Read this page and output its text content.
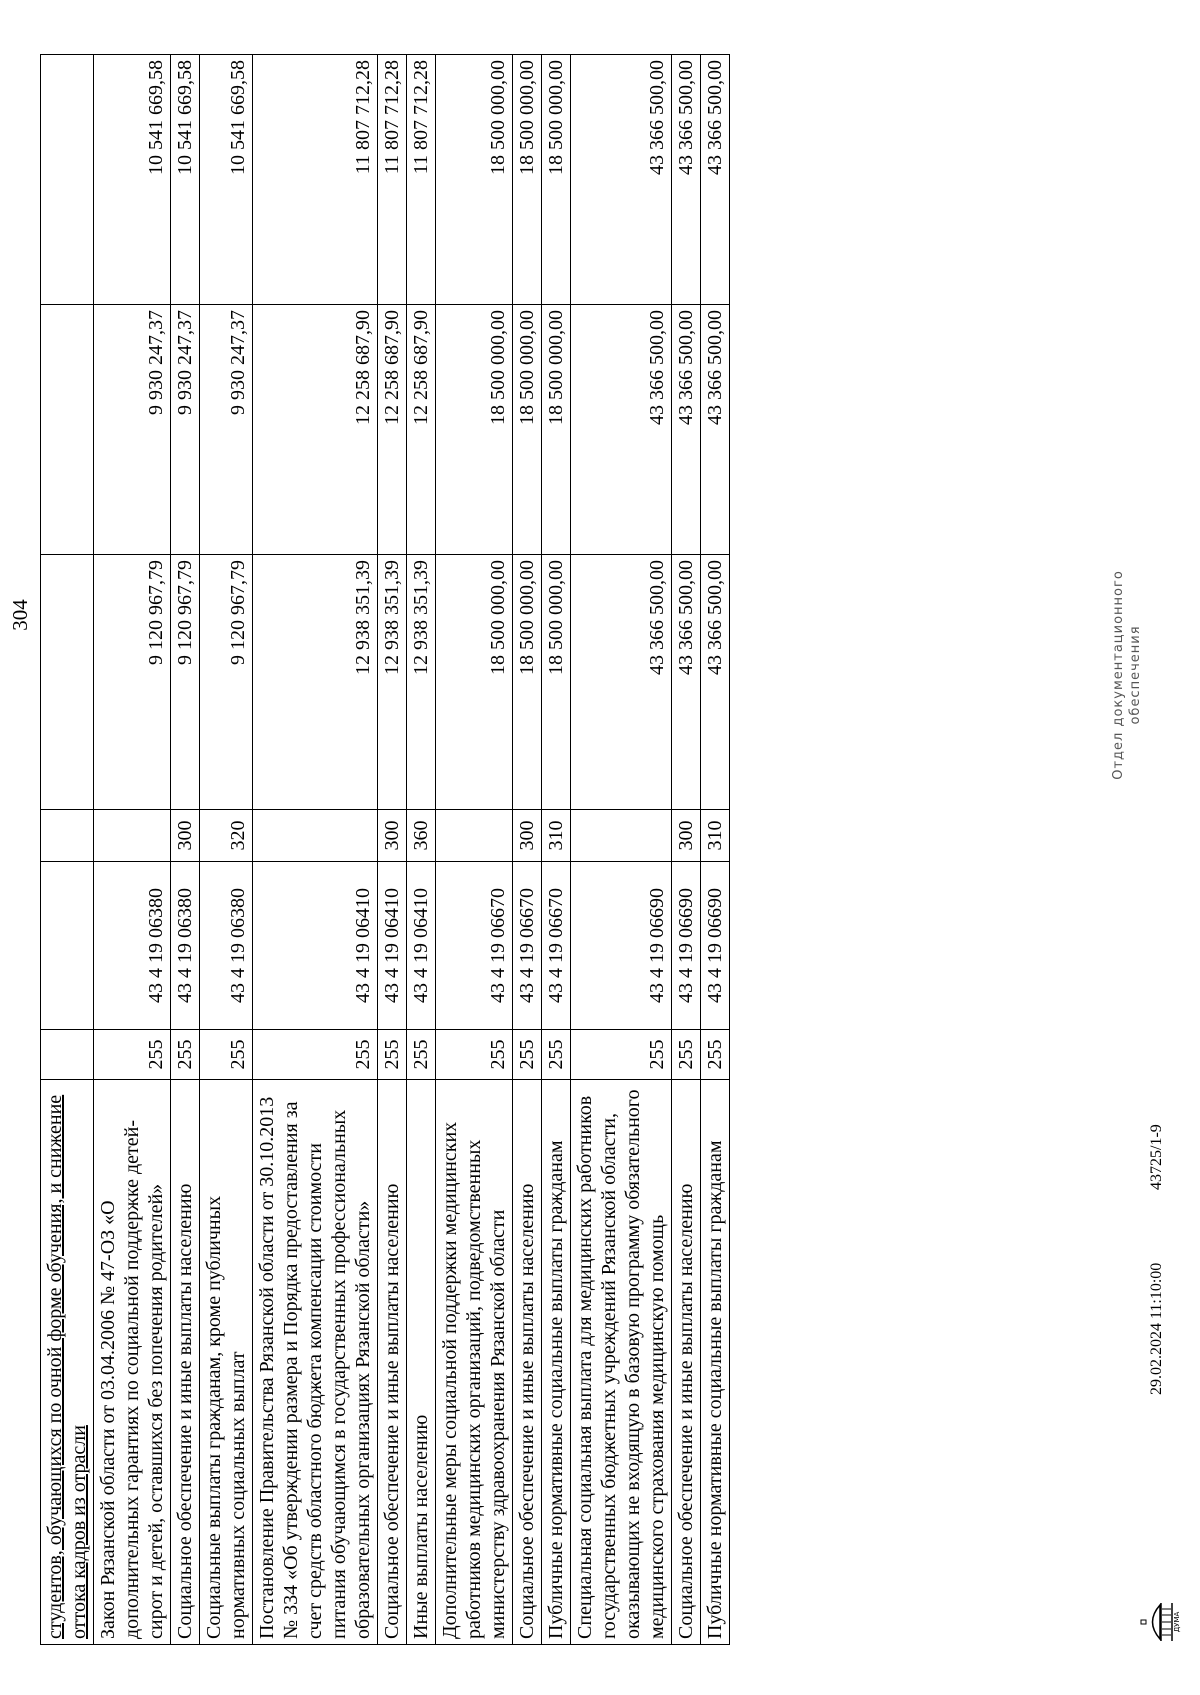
304
студентов, обучающихся по очной форме обучения, и снижение оттока кадров из отрасли						
Закон Рязанской области от 03.04.2006 № 47-ОЗ «О дополнительных гарантиях по социальной поддержке детей-сирот и детей, оставшихся без попечения родителей»	255	43 4 19 06380		9 120 967,79	9 930 247,37	10 541 669,58
Социальное обеспечение и иные выплаты населению	255	43 4 19 06380	300	9 120 967,79	9 930 247,37	10 541 669,58
Социальные выплаты гражданам, кроме публичных нормативных социальных выплат	255	43 4 19 06380	320	9 120 967,79	9 930 247,37	10 541 669,58
Постановление Правительства Рязанской области от 30.10.2013 № 334 «Об утверждении размера и Порядка предоставления за счет средств областного бюджета компенсации стоимости питания обучающимся в государственных профессиональных образовательных организациях Рязанской области»	255	43 4 19 06410		12 938 351,39	12 258 687,90	11 807 712,28
Социальное обеспечение и иные выплаты населению	255	43 4 19 06410	300	12 938 351,39	12 258 687,90	11 807 712,28
Иные выплаты населению	255	43 4 19 06410	360	12 938 351,39	12 258 687,90	11 807 712,28
Дополнительные меры социальной поддержки медицинских работников медицинских организаций, подведомственных министерству здравоохранения Рязанской области	255	43 4 19 06670		18 500 000,00	18 500 000,00	18 500 000,00
Социальное обеспечение и иные выплаты населению	255	43 4 19 06670	300	18 500 000,00	18 500 000,00	18 500 000,00
Публичные нормативные социальные выплаты гражданам	255	43 4 19 06670	310	18 500 000,00	18 500 000,00	18 500 000,00
Специальная социальная выплата для медицинских работников государственных бюджетных учреждений Рязанской области, оказывающих не входящую в базовую программу обязательного медицинского страхования медицинскую помощь	255	43 4 19 06690		43 366 500,00	43 366 500,00	43 366 500,00
Социальное обеспечение и иные выплаты населению	255	43 4 19 06690	300	43 366 500,00	43 366 500,00	43 366 500,00
Публичные нормативные социальные выплаты гражданам	255	43 4 19 06690	310	43 366 500,00	43 366 500,00	43 366 500,00
ДУМА
29.02.2024 11:10:00
43725/1-9
Отдел документационного обеспечения
